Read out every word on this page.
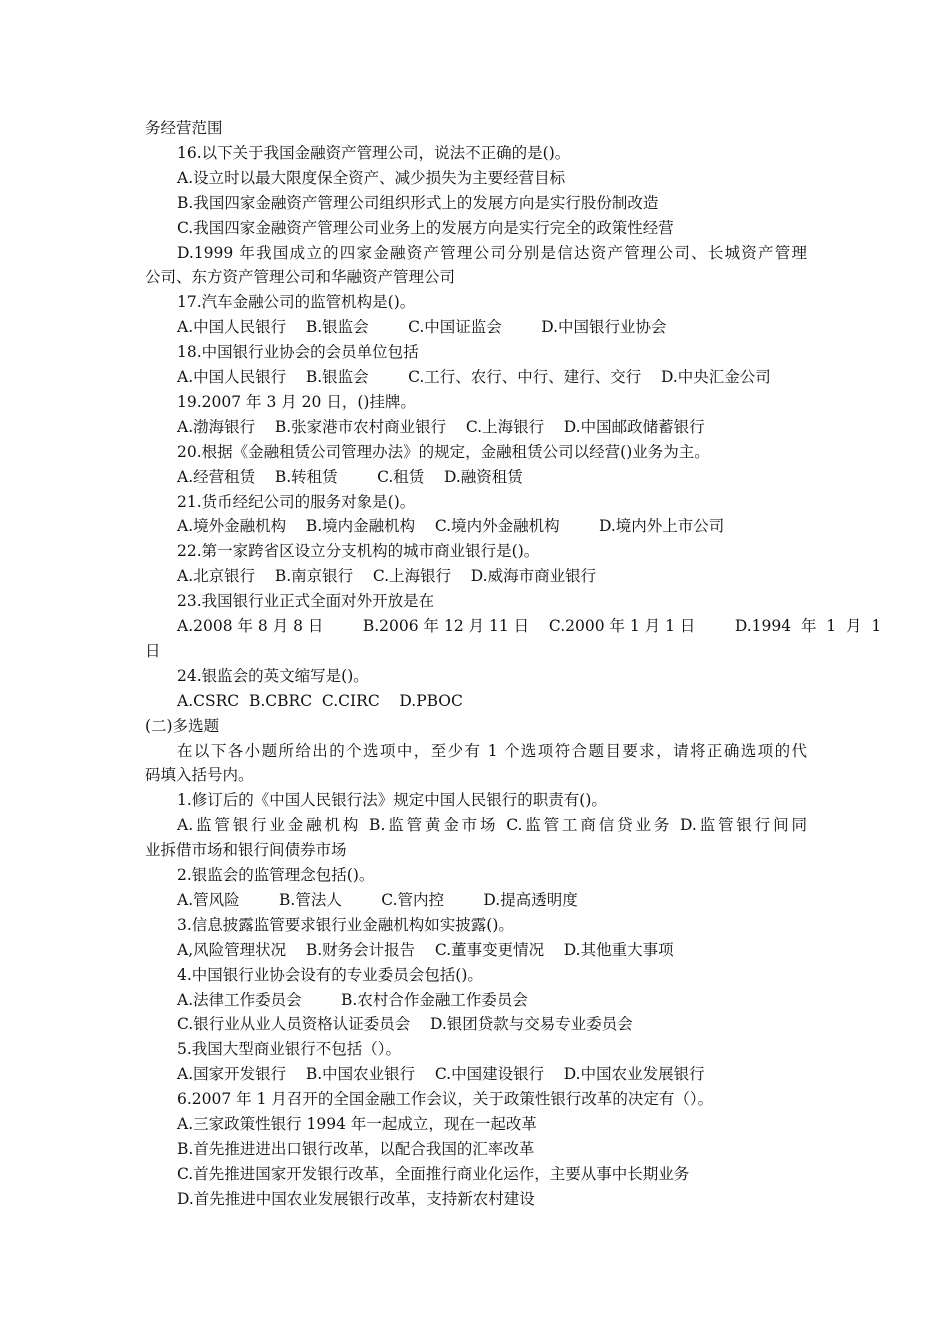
务经营范围
16.以下关于我国金融资产管理公司，说法不正确的是()。
A.设立时以最大限度保全资产、减少损失为主要经营目标
B.我国四家金融资产管理公司组织形式上的发展方向是实行股份制改造
C.我国四家金融资产管理公司业务上的发展方向是实行完全的政策性经营
D.1999 年我国成立的四家金融资产管理公司分别是信达资产管理公司、长城资产管理
公司、东方资产管理公司和华融资产管理公司
17.汽车金融公司的监管机构是()。
A.中国人民银行    B.银监会        C.中国证监会        D.中国银行业协会
18.中国银行业协会的会员单位包括
A.中国人民银行    B.银监会        C.工行、农行、中行、建行、交行    D.中央汇金公司
19.2007 年 3 月 20 日，()挂牌。
A.渤海银行    B.张家港市农村商业银行    C.上海银行    D.中国邮政储蓄银行
20.根据《金融租赁公司管理办法》的规定，金融租赁公司以经营()业务为主。
A.经营租赁    B.转租赁        C.租赁    D.融资租赁
21.货币经纪公司的服务对象是()。
A.境外金融机构    B.境内金融机构    C.境内外金融机构        D.境内外上市公司
22.第一家跨省区设立分支机构的城市商业银行是()。
A.北京银行    B.南京银行    C.上海银行    D.威海市商业银行
23.我国银行业正式全面对外开放是在
A.2008 年 8 月 8 日        B.2006 年 12 月 11 日    C.2000 年 1 月 1 日        D.1994  年  1  月  1
日
24.银监会的英文缩写是()。
A.CSRC  B.CBRC  C.CIRC    D.PBOC
(二)多选题
在以下各小题所给出的个选项中，至少有 1 个选项符合题目要求，请将正确选项的代
码填入括号内。
1.修订后的《中国人民银行法》规定中国人民银行的职责有()。
A.监管银行业金融机构 B.监管黄金市场 C.监管工商信贷业务 D.监管银行间同
业拆借市场和银行间债券市场
2.银监会的监管理念包括()。
A.管风险        B.管法人        C.管内控        D.提高透明度
3.信息披露监管要求银行业金融机构如实披露()。
A,风险管理状况    B.财务会计报告    C.董事变更情况    D.其他重大事项
4.中国银行业协会设有的专业委员会包括()。
A.法律工作委员会        B.农村合作金融工作委员会
C.银行业从业人员资格认证委员会    D.银团贷款与交易专业委员会
5.我国大型商业银行不包括（）。
A.国家开发银行    B.中国农业银行    C.中国建设银行    D.中国农业发展银行
6.2007 年 1 月召开的全国金融工作会议，关于政策性银行改革的决定有（）。
A.三家政策性银行 1994 年一起成立，现在一起改革
B.首先推进进出口银行改革，以配合我国的汇率改革
C.首先推进国家开发银行改革，全面推行商业化运作，主要从事中长期业务
D.首先推进中国农业发展银行改革，支持新农村建设
